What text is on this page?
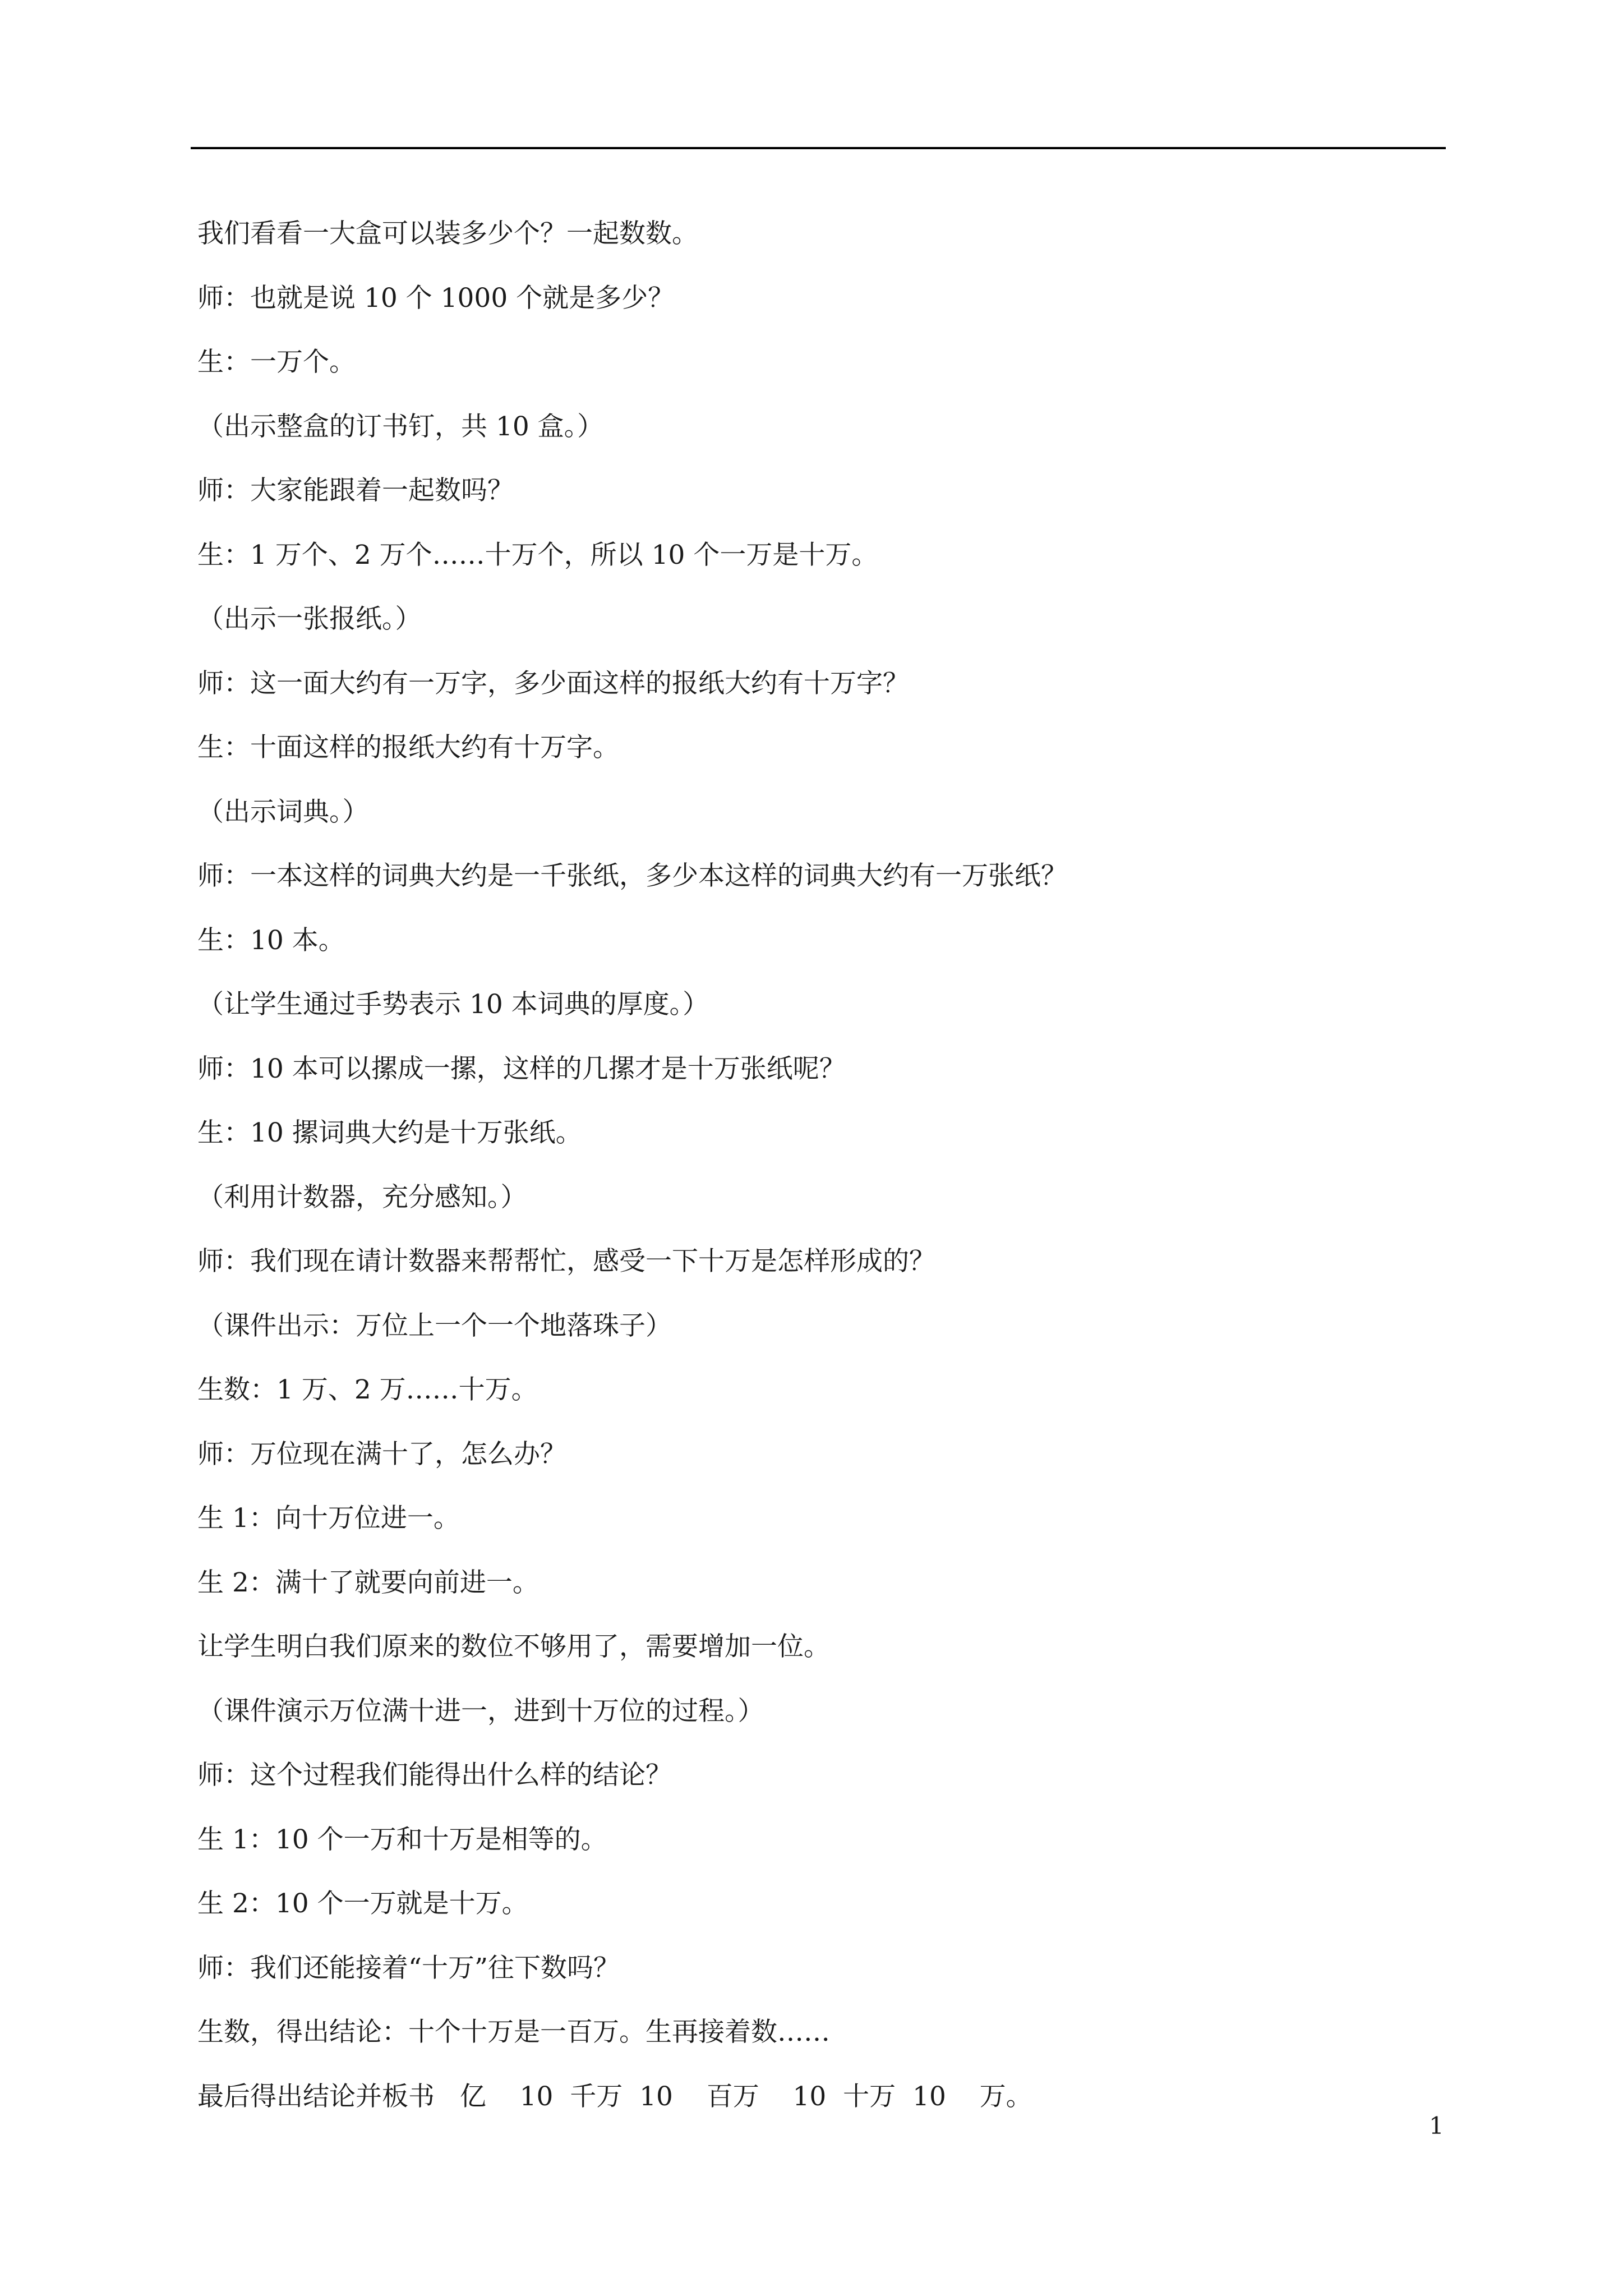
我们看看一大盒可以装多少个？一起数数。

师：也就是说 10 个 1000 个就是多少？

生：一万个。

（出示整盒的订书钉，共 10 盒。）

师：大家能跟着一起数吗？

生：1 万个、2 万个……十万个，所以 10 个一万是十万。

（出示一张报纸。）

师：这一面大约有一万字，多少面这样的报纸大约有十万字？

生：十面这样的报纸大约有十万字。

（出示词典。）

师：一本这样的词典大约是一千张纸，多少本这样的词典大约有一万张纸？

生：10 本。

（让学生通过手势表示 10 本词典的厚度。）

师：10 本可以摞成一摞，这样的几摞才是十万张纸呢？

生：10 摞词典大约是十万张纸。

（利用计数器，充分感知。）

师：我们现在请计数器来帮帮忙，感受一下十万是怎样形成的？

（课件出示：万位上一个一个地落珠子）

生数：1 万、2 万……十万。

师：万位现在满十了，怎么办？

生 1：向十万位进一。

生 2：满十了就要向前进一。

让学生明白我们原来的数位不够用了，需要增加一位。

（课件演示万位满十进一，进到十万位的过程。）

师：这个过程我们能得出什么样的结论？

生 1：10 个一万和十万是相等的。

生 2：10 个一万就是十万。

师：我们还能接着“十万”往下数吗？

生数，得出结论：十个十万是一百万。生再接着数……

最后得出结论并板书   亿    10  千万  10    百万    10  十万  10    万。

1
